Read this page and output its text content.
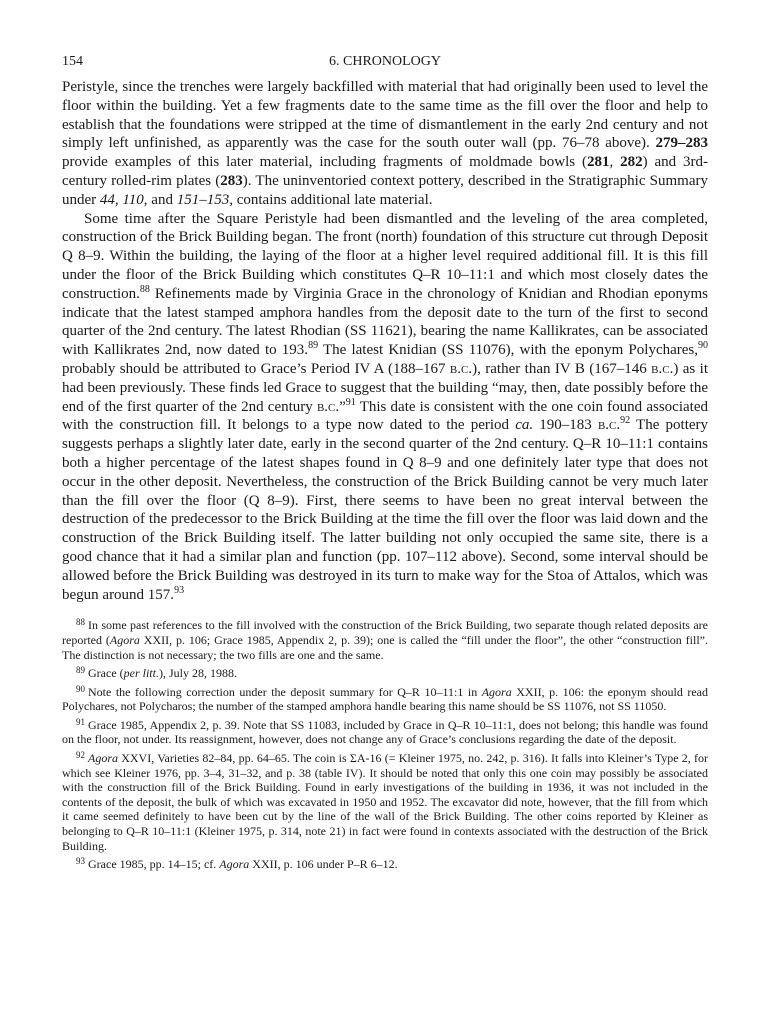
154	6. CHRONOLOGY

Peristyle, since the trenches were largely backfilled with material that had originally been used to level the floor within the building. Yet a few fragments date to the same time as the fill over the floor and help to establish that the foundations were stripped at the time of dismantlement in the early 2nd century and not simply left unfinished, as apparently was the case for the south outer wall (pp. 76–78 above). 279–283 provide examples of this later material, including fragments of moldmade bowls (281, 282) and 3rd-century rolled-rim plates (283). The uninventoried context pottery, described in the Stratigraphic Summary under 44, 110, and 151–153, contains additional late material.

Some time after the Square Peristyle had been dismantled and the leveling of the area completed, construction of the Brick Building began. The front (north) foundation of this structure cut through Deposit Q 8–9. Within the building, the laying of the floor at a higher level required additional fill. It is this fill under the floor of the Brick Building which constitutes Q–R 10–11:1 and which most closely dates the construction.$^{88}$ Refinements made by Virginia Grace in the chronology of Knidian and Rhodian eponyms indicate that the latest stamped amphora handles from the deposit date to the turn of the first to second quarter of the 2nd century. The latest Rhodian (SS 11621), bearing the name Kallikrates, can be associated with Kallikrates 2nd, now dated to 193.89 The latest Knidian (SS 11076), with the eponym Polychares,$^{90}$ probably should be attributed to Grace’s Period IV A (188–167 b.c.), rather than IV B (167–146 b.c.) as it had been previously. These finds led Grace to suggest that the building “may, then, date possibly before the end of the first quarter of the 2nd century b.c.”$^{91}$ This date is consistent with the one coin found associated with the construction fill. It belongs to a type now dated to the period ca. 190–183 b.c.$^{92}$ The pottery suggests perhaps a slightly later date, early in the second quarter of the 2nd century. Q–R 10–11:1 contains both a higher percentage of the latest shapes found in Q 8–9 and one definitely later type that does not occur in the other deposit. Nevertheless, the construction of the Brick Building cannot be very much later than the fill over the floor (Q 8–9). First, there seems to have been no great interval between the destruction of the predecessor to the Brick Building at the time the fill over the floor was laid down and the construction of the Brick Building itself. The latter building not only occupied the same site, there is a good chance that it had a similar plan and function (pp. 107–112 above). Second, some interval should be allowed before the Brick Building was destroyed in its turn to make way for the Stoa of Attalos, which was begun around 157.93

$^{88}$ In some past references to the fill involved with the construction of the Brick Building, two separate though related deposits are reported (Agora XXII, p. 106; Grace 1985, Appendix 2, p. 39); one is called the “fill under the floor”, the other “construction fill”. The distinction is not necessary; the two fills are one and the same.

$^{89}$ Grace (per litt.), July 28, 1988.

$^{90}$ Note the following correction under the deposit summary for Q–R 10–11:1 in Agora XXII, p. 106: the eponym should read Polychares, not Polycharos; the number of the stamped amphora handle bearing this name should be SS 11076, not SS 11050.

$^{91}$ Grace 1985, Appendix 2, p. 39. Note that SS 11083, included by Grace in Q–R 10–11:1, does not belong; this handle was found on the floor, not under. Its reassignment, however, does not change any of Grace’s conclusions regarding the date of the deposit.

$^{92}$ Agora XXVI, Varieties 82–84, pp. 64–65. The coin is ΣA-16 (= Kleiner 1975, no. 242, p. 316). It falls into Kleiner’s Type 2, for which see Kleiner 1976, pp. 3–4, 31–32, and p. 38 (table IV). It should be noted that only this one coin may possibly be associated with the construction fill of the Brick Building. Found in early investigations of the building in 1936, it was not included in the contents of the deposit, the bulk of which was excavated in 1950 and 1952. The excavator did note, however, that the fill from which it came seemed definitely to have been cut by the line of the wall of the Brick Building. The other coins reported by Kleiner as belonging to Q–R 10–11:1 (Kleiner 1975, p. 314, note 21) in fact were found in contexts associated with the destruction of the Brick Building.

$^{93}$ Grace 1985, pp. 14–15; cf. Agora XXII, p. 106 under P–R 6–12.
